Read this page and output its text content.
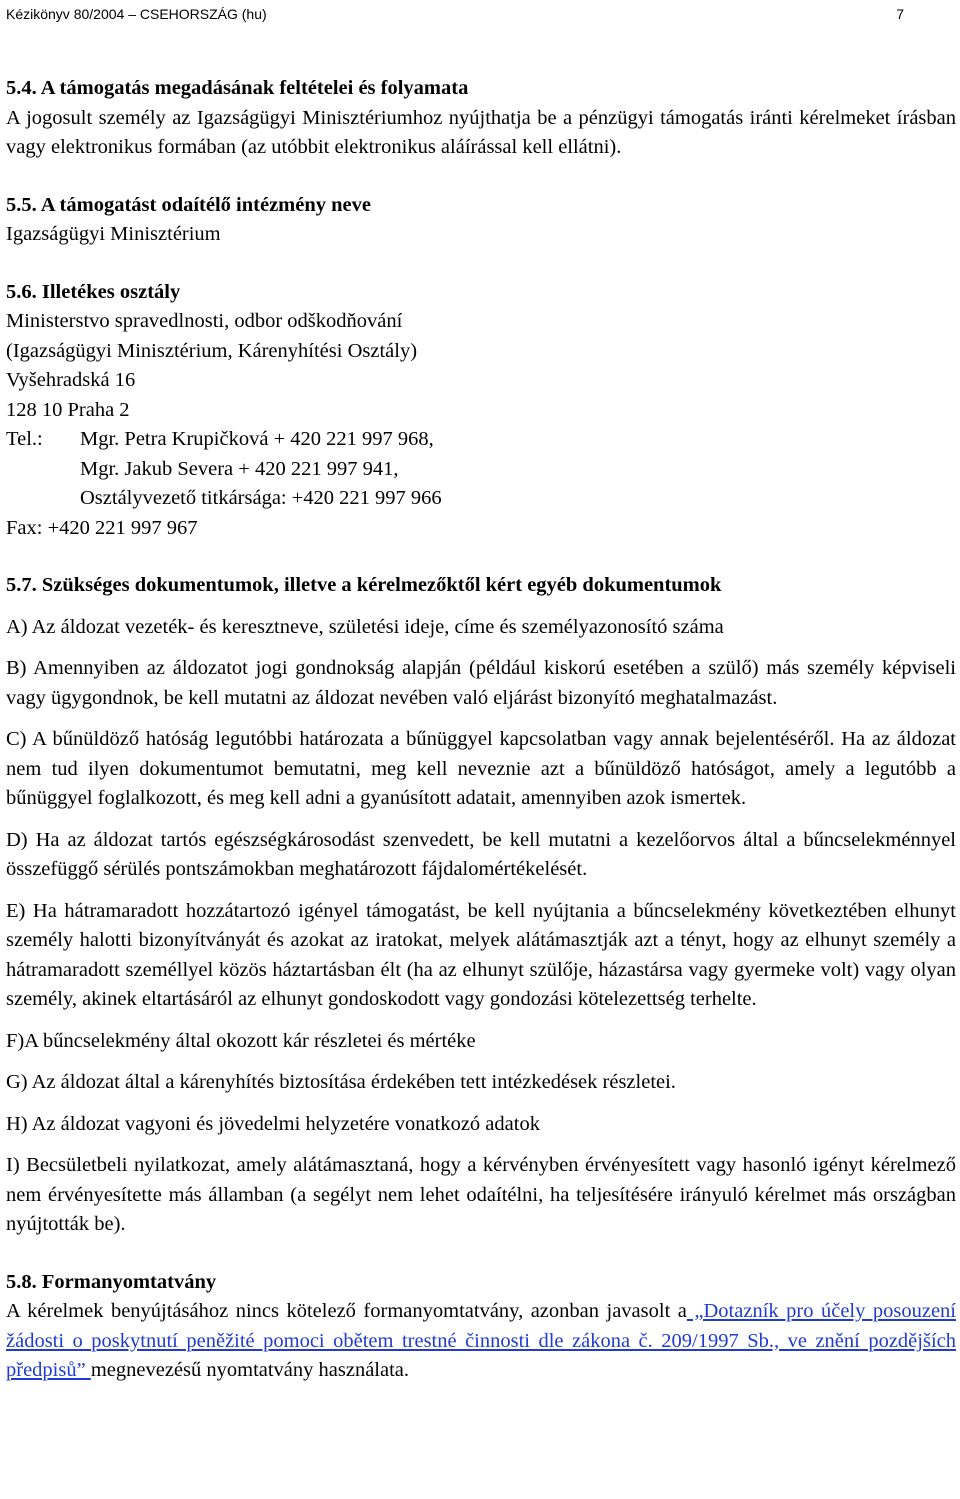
Kézikönyv 80/2004 – CSEHORSZÁG (hu)	7
5.4. A támogatás megadásának feltételei és folyamata

A jogosult személy az Igazságügyi Minisztériumhoz nyújthatja be a pénzügyi támogatás iránti kérelmeket írásban vagy elektronikus formában (az utóbbit elektronikus aláírással kell ellátni).

5.5. A támogatást odaítélő intézmény neve

Igazságügyi Minisztérium

5.6. Illetékes osztály
Ministerstvo spravedlnosti, odbor odškodňování
(Igazságügyi Minisztérium, Kárenyhítési Osztály)
Vyšehradská 16
128 10 Praha 2
Tel.:	Mgr. Petra Krupičková + 420 221 997 968,
Mgr. Jakub Severa + 420 221 997 941,
Osztályvezető titkársága: +420 221 997 966
Fax: +420 221 997 967
5.7. Szükséges dokumentumok, illetve a kérelmezőktől kért egyéb dokumentumok

A) Az áldozat vezeték- és keresztneve, születési ideje, címe és személyazonosító száma

B) Amennyiben az áldozatot jogi gondnokság alapján (például kiskorú esetében a szülő) más személy képviseli vagy ügygondnok, be kell mutatni az áldozat nevében való eljárást bizonyító meghatalmazást.

C) A bűnüldöző hatóság legutóbbi határozata a bűnüggyel kapcsolatban vagy annak bejelentéséről. Ha az áldozat nem tud ilyen dokumentumot bemutatni, meg kell neveznie azt a bűnüldöző hatóságot, amely a legutóbb a bűnüggyel foglalkozott, és meg kell adni a gyanúsított adatait, amennyiben azok ismertek.

D) Ha az áldozat tartós egészségkárosodást szenvedett, be kell mutatni a kezelőorvos által a bűncselekménnyel összefüggő sérülés pontszámokban meghatározott fájdalomértékelését.

E) Ha hátramaradott hozzátartozó igényel támogatást, be kell nyújtania a bűncselekmény következtében elhunyt személy halotti bizonyítványát és azokat az iratokat, melyek alátámasztják azt a tényt, hogy az elhunyt személy a hátramaradott személlyel közös háztartásban élt (ha az elhunyt szülője, házastársa vagy gyermeke volt) vagy olyan személy, akinek eltartásáról az elhunyt gondoskodott vagy gondozási kötelezettség terhelte.

F)A bűncselekmény által okozott kár részletei és mértéke

G) Az áldozat által a kárenyhítés biztosítása érdekében tett intézkedések részletei.

H) Az áldozat vagyoni és jövedelmi helyzetére vonatkozó adatok

I) Becsületbeli nyilatkozat, amely alátámasztaná, hogy a kérvényben érvényesített vagy hasonló igényt kérelmező nem érvényesítette más államban (a segélyt nem lehet odaítélni, ha teljesítésére irányuló kérelmet más országban nyújtották be).

5.8. Formanyomtatvány

A kérelmek benyújtásához nincs kötelező formanyomtatvány, azonban javasolt a „Dotazník pro účely posouzení žádosti o poskytnutí peněžité pomoci obětem trestné činnosti dle zákona č. 209/1997 Sb., ve znění pozdějších předpisů” megnevezésű nyomtatvány használata.
